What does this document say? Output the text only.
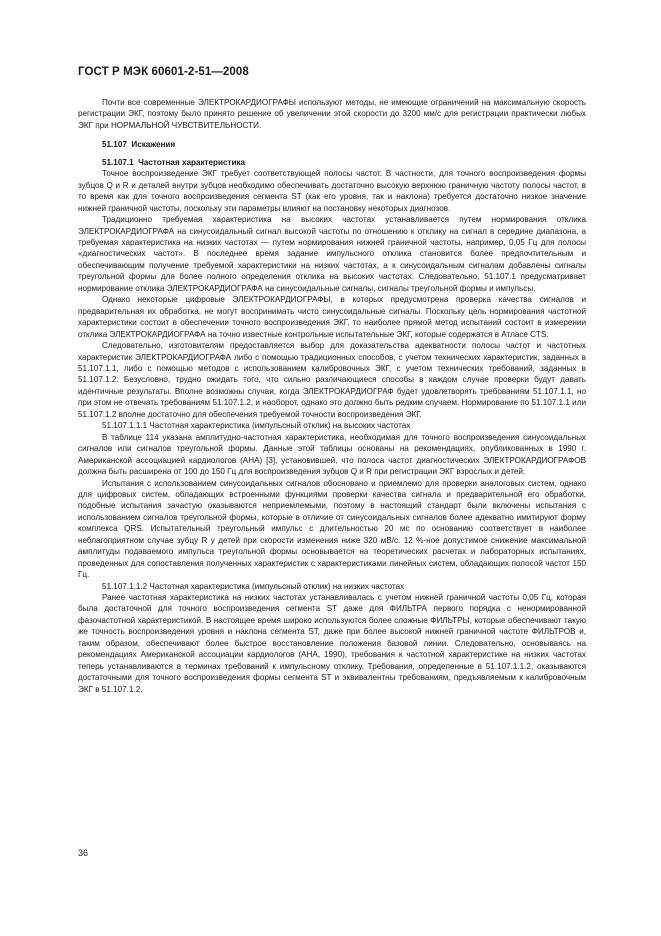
ГОСТ Р МЭК 60601-2-51—2008

Почти все современные ЭЛЕКТРОКАРДИОГРАФЫ используют методы, не имеющие ограничений на максимальную скорость регистрации ЭКГ, поэтому было принято решение об увеличении этой скорости до 3200 мм/с для регистрации практически любых ЭКГ при НОРМАЛЬНОЙ ЧУВСТВИТЕЛЬНОСТИ.

51.107 Искажения
51.107.1 Частотная характеристика

Точное воспроизведение ЭКГ требует соответствующей полосы частот. В частности, для точного воспроизведения формы зубцов Q и R и деталей внутри зубцов необходимо обеспечивать достаточно высокую верхнюю граничную частоту полосы частот, в то время как для точного воспроизведения сегмента ST (как его уровня, так и наклона) требуется достаточно низкое значение нижней граничной частоты, поскольку эти параметры влияют на постановку некоторых диагнозов.

Традиционно требуемая характеристика на высоких частотах устанавливается путем нормирования отклика ЭЛЕКТРОКАРДИОГРАФА на синусоидальный сигнал высокой частоты по отношению к отклику на сигнал в середине диапазона, а требуемая характеристика на низких частотах — путем нормирования нижней граничной частоты, например, 0,05 Гц для полосы «диагностических частот». В последнее время задание импульсного отклика становится более предпочтительным и обеспечивающим получение требуемой характеристики на низких частотах, а к синусоидальным сигналам добавлены сигналы треугольной формы для более полного определения отклика на высоких частотах. Следовательно, 51.107.1 предусматривает нормирование отклика ЭЛЕКТРОКАРДИОГРАФА на синусоидальные сигналы, сигналы треугольной формы и импульсы.

Однако некоторые цифровые ЭЛЕКТРОКАРДИОГРАФЫ, в которых предусмотрена проверка качества сигналов и предварительная их обработка, не могут воспринимать чисто синусоидальные сигналы. Поскольку цель нормирования частотной характеристики состоит в обеспечении точного воспроизведения ЭКГ, то наиболее прямой метод испытаний состоит в измерении отклика ЭЛЕКТРОКАРДИОГРАФА на точно известные контрольные испытательные ЭКГ, которые содержатся в Атласе CTS.

Следовательно, изготовителям предоставляется выбор для доказательства адекватности полосы частот и частотных характеристик ЭЛЕКТРОКАРДИОГРАФА либо с помощью традиционных способов, с учетом технических характеристик, заданных в 51.107.1.1, либо с помощью методов с использованием калибровочных ЭКГ, с учетом технических требований, заданных в 51.107.1.2. Безусловно, трудно ожидать того, что сильно различающиеся способы в каждом случае проверки будут давать идентичные результаты. Вполне возможны случаи, когда ЭЛЕКТРОКАРДИОГРАФ будет удовлетворять требованиям 51.107.1.1, но при этом не отвечать требованиям 51.107.1.2, и наоборот, однако это должно быть редким случаем. Нормирование по 51.107.1.1 или 51.107.1.2 вполне достаточно для обеспечения требуемой точности воспроизведения ЭКГ.

51.107.1.1.1 Частотная характеристика (импульсный отклик) на высоких частотах

В таблице 114 указана амплитудно-частотная характеристика, необходимая для точного воспроизведения синусоидальных сигналов или сигналов треугольной формы. Данные этой таблицы основаны на рекомендациях, опубликованных в 1990 г. Американской ассоциацией кардиологов (АНА) [3], установившей, что полоса частот диагностических ЭЛЕКТРОКАРДИОГРАФОВ должна быть расширена от 100 до 150 Гц для воспроизведения зубцов Q и R при регистрации ЭКГ взрослых и детей.

Испытания с использованием синусоидальных сигналов обосновано и приемлемо для проверки аналоговых систем, однако для цифровых систем, обладающих встроенными функциями проверки качества сигнала и предварительной его обработки, подобные испытания зачастую оказываются неприемлемыми, поэтому в настоящий стандарт были включены испытания с использованием сигналов треугольной формы, которые в отличие от синусоидальных сигналов более адекватно имитируют форму комплекса QRS. Испытательный треугольный импульс с длительностью 20 мс по основанию соответствует в наиболее неблагоприятном случае зубцу R у детей при скорости изменения нижe 320 мВ/с. 12 %-ное допустимое снижение максимальной амплитуды подаваемого импульса треугольной формы основывается на теоретических расчетах и лабораторных испытаниях, проведенных для сопоставления полученных характеристик с характеристиками линейных систем, обладающих полосой частот 150 Гц.

51.107.1.1.2 Частотная характеристика (импульсный отклик) на низких частотах

Ранее частотная характеристика на низких частотах устанавливалась с учетом нижней граничной частоты 0,05 Гц, которая была достаточной для точного воспроизведения сегмента ST даже для ФИЛЬТРА первого порядка с ненормированной фазочастотной характеристикой. В настоящее время широко используются более сложные ФИЛЬТРЫ, которые обеспечивают такую же точность воспроизведения уровня и наклона сегмента ST, даже при более высокой нижней граничной частоте ФИЛЬТРОВ и, таким образом, обеспечивают более быстрое восстановление положения базовой линии. Следовательно, основываясь на рекомендациях Американской ассоциации кардиологов (АНА, 1990), требования к частотной характеристике на низких частотах теперь устанавливаются в терминах требований к импульсному отклику. Требования, определенные в 51.107.1.1.2, оказываются достаточными для точного воспроизведения формы сегмента ST и эквивалентны требованиям, предъявляемым к калибровочным ЭКГ в 51.107.1.2.

36
